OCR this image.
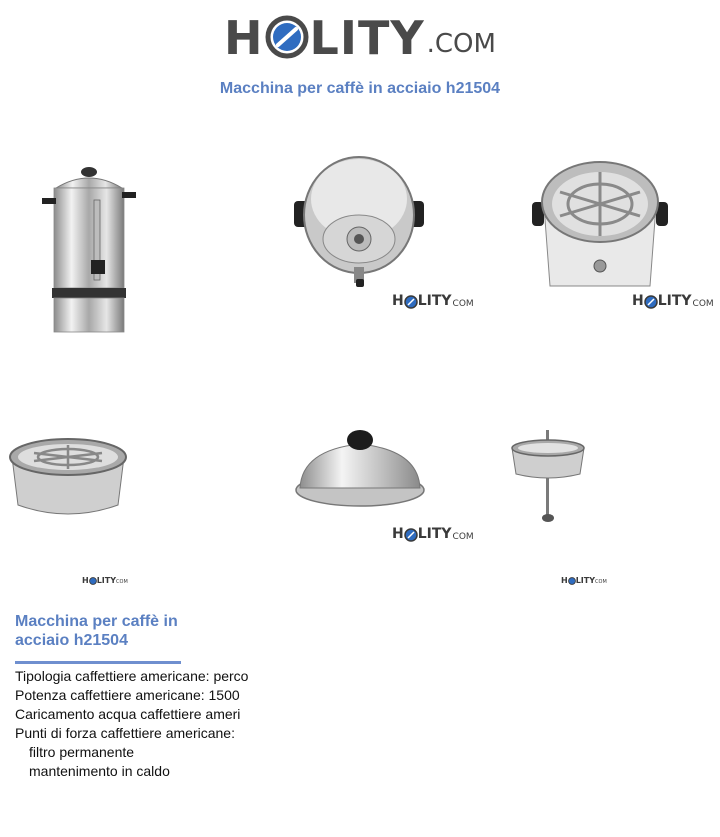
H LITY .COM
Macchina per caffè in acciaio h21504
H LITY COM	H LITY COM
H LITY COM
H LITY COM
H LITY COM
Macchina per caffè in acciaio h21504
Tipologia caffettiere americane: perco
Potenza caffettiere americane: 1500
Caricamento acqua caffettiere ameri
Punti di forza caffettiere americane:
filtro permanente
mantenimento in caldo
